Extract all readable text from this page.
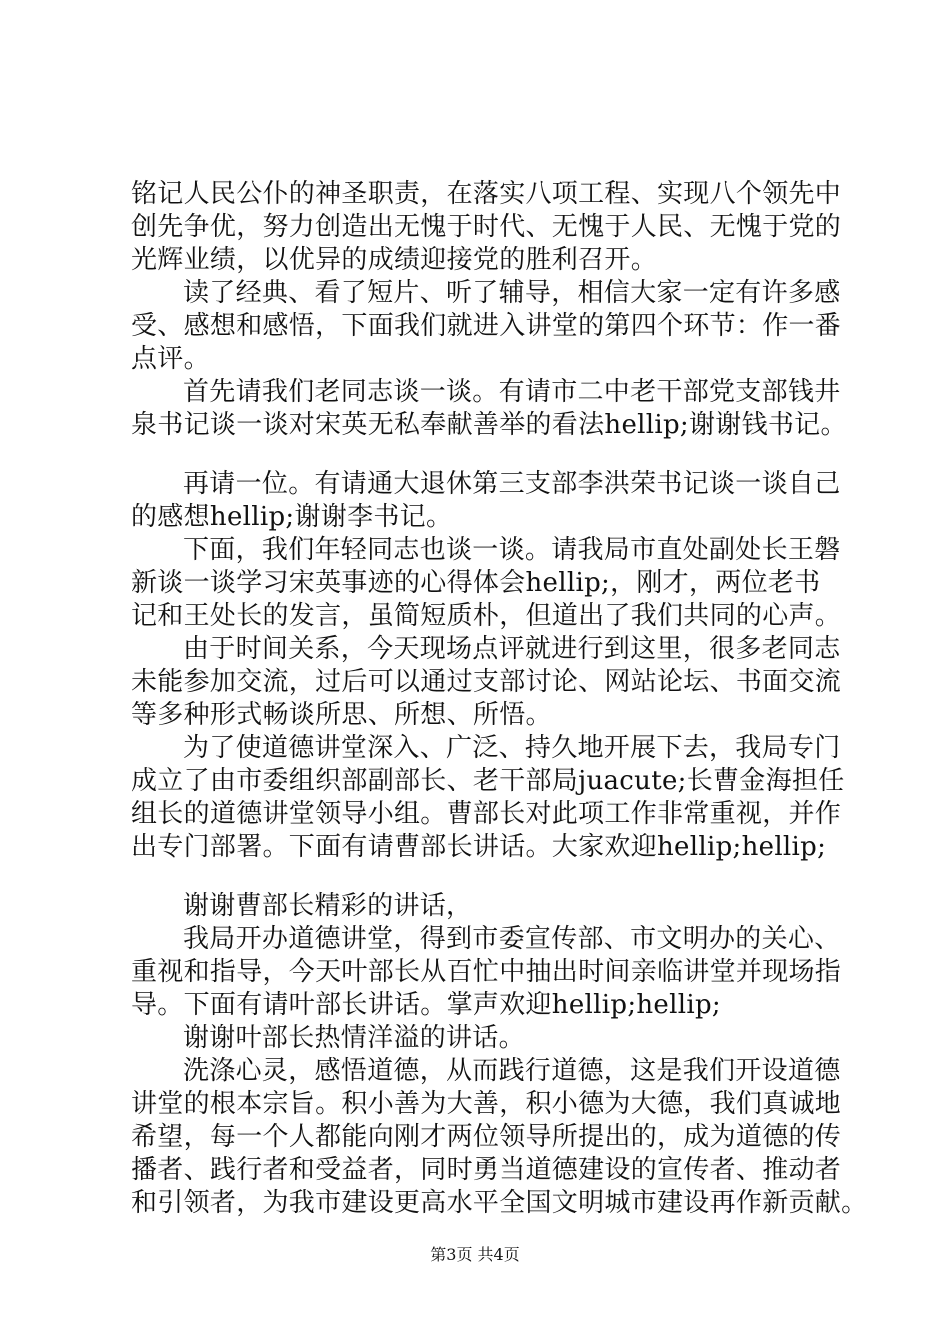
铭记人民公仆的神圣职责，在落实八项工程、实现八个领先中
创先争优，努力创造出无愧于时代、无愧于人民、无愧于党的
光辉业绩，以优异的成绩迎接党的胜利召开。
读了经典、看了短片、听了辅导，相信大家一定有许多感
受、感想和感悟，下面我们就进入讲堂的第四个环节：作一番
点评。
首先请我们老同志谈一谈。有请市二中老干部党支部钱井
泉书记谈一谈对宋英无私奉献善举的看法hellip;谢谢钱书记。
再请一位。有请通大退休第三支部李洪荣书记谈一谈自己
的感想hellip;谢谢李书记。
下面，我们年轻同志也谈一谈。请我局市直处副处长王磐
新谈一谈学习宋英事迹的心得体会hellip;，刚才，两位老书
记和王处长的发言，虽简短质朴，但道出了我们共同的心声。
由于时间关系，今天现场点评就进行到这里，很多老同志
未能参加交流，过后可以通过支部讨论、网站论坛、书面交流
等多种形式畅谈所思、所想、所悟。
为了使道德讲堂深入、广泛、持久地开展下去，我局专门
成立了由市委组织部副部长、老干部局juacute;长曹金海担任
组长的道德讲堂领导小组。曹部长对此项工作非常重视，并作
出专门部署。下面有请曹部长讲话。大家欢迎hellip;hellip;
谢谢曹部长精彩的讲话，
我局开办道德讲堂，得到市委宣传部、市文明办的关心、
重视和指导，今天叶部长从百忙中抽出时间亲临讲堂并现场指
导。下面有请叶部长讲话。掌声欢迎hellip;hellip;
谢谢叶部长热情洋溢的讲话。
洗涤心灵，感悟道德，从而践行道德，这是我们开设道德
讲堂的根本宗旨。积小善为大善，积小德为大德，我们真诚地
希望，每一个人都能向刚才两位领导所提出的，成为道德的传
播者、践行者和受益者，同时勇当道德建设的宣传者、推动者
和引领者，为我市建设更高水平全国文明城市建设再作新贡献。
第3页 共4页
